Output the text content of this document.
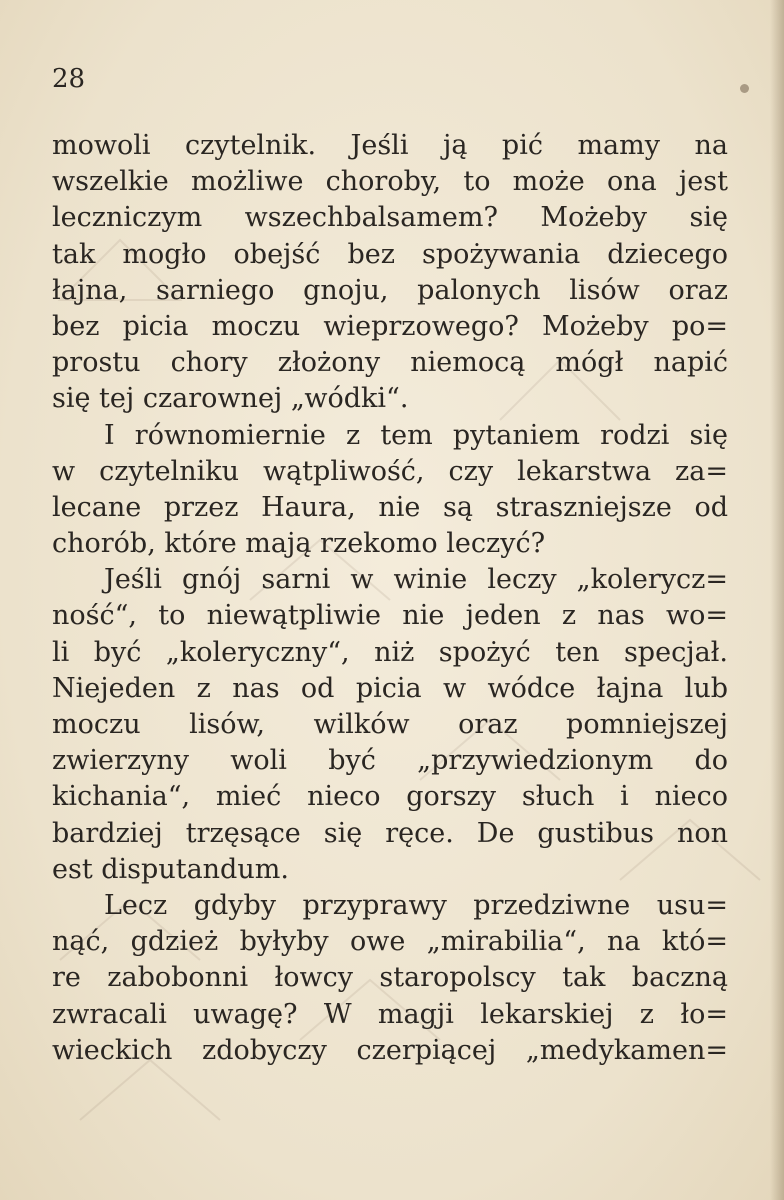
28
mowoli czytelnik. Jeśli ją pić mamy na
wszelkie możliwe choroby, to może ona jest
leczniczym wszechbalsamem? Możeby się
tak mogło obejść bez spożywania dziecego
łajna, sarniego gnoju, palonych lisów oraz
bez picia moczu wieprzowego? Możeby po=
prostu chory złożony niemocą mógł napić
się tej czarownej „wódki“.
I równomiernie z tem pytaniem rodzi się
w czytelniku wątpliwość, czy lekarstwa za=
lecane przez Haura, nie są straszniejsze od
chorób, które mają rzekomo leczyć?
Jeśli gnój sarni w winie leczy „kolerycz=
ność“, to niewątpliwie nie jeden z nas wo=
li być „koleryczny“, niż spożyć ten specjał.
Niejeden z nas od picia w wódce łajna lub
moczu lisów, wilków oraz pomniejszej
zwierzyny woli być „przywiedzionym do
kichania“, mieć nieco gorszy słuch i nieco
bardziej trzęsące się ręce. De gustibus non
est disputandum.
Lecz gdyby przyprawy przedziwne usu=
nąć, gdzież byłyby owe „mirabilia“, na któ=
re zabobonni łowcy staropolscy tak baczną
zwracali uwagę? W magji lekarskiej z ło=
wieckich zdobyczy czerpiącej „medykamen=
